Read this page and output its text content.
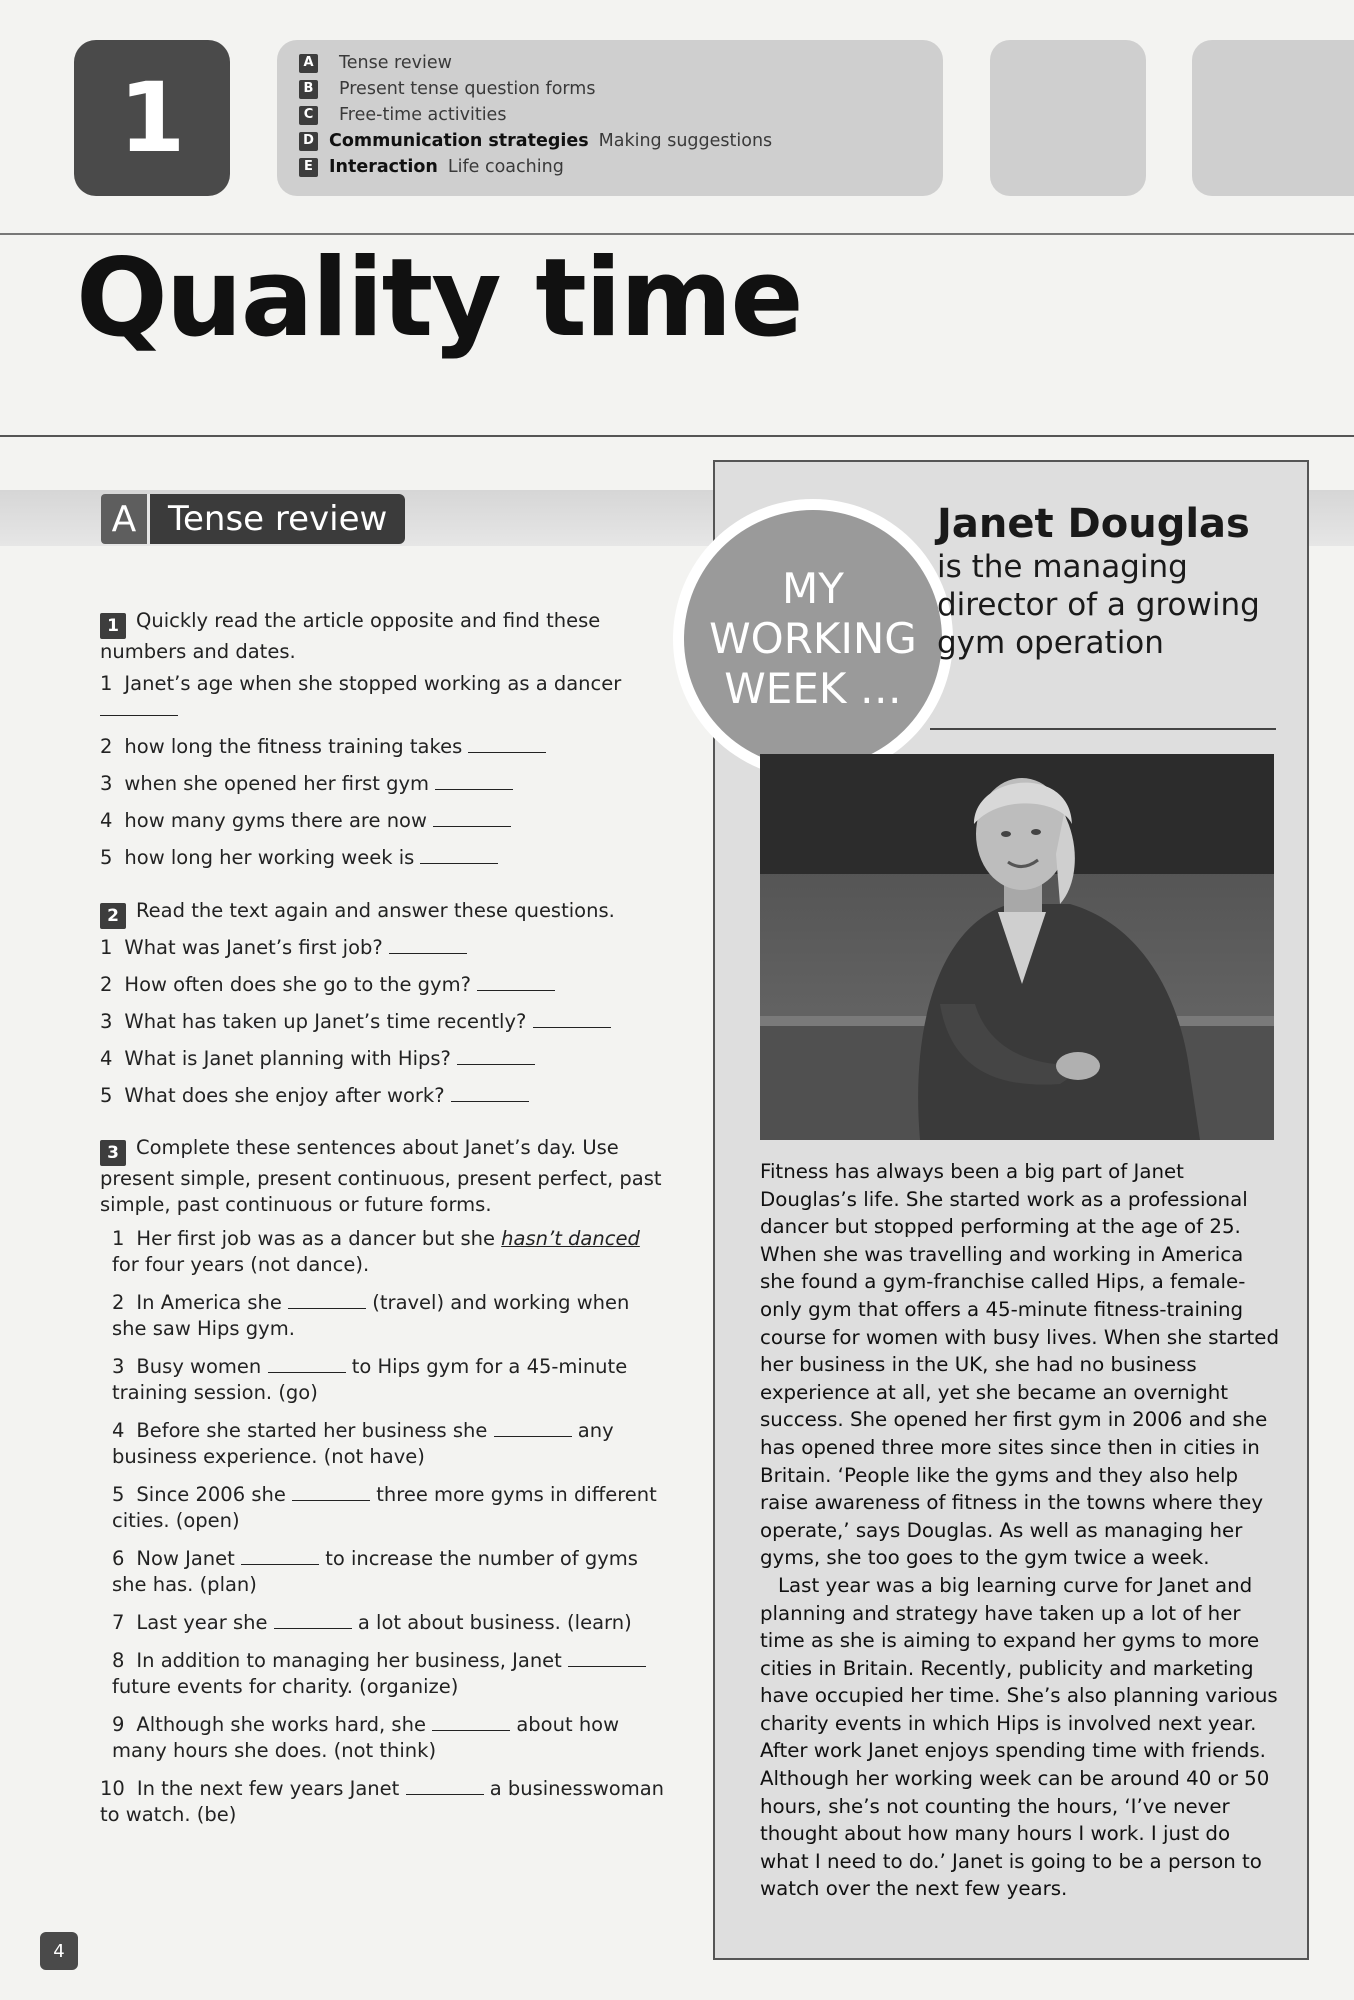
1	A Tense review
B Present tense question forms
C Free-time activities
D Communication strategies Making suggestions
E Interaction Life coaching
Quality time
A Tense review

1 Quickly read the article opposite and find these numbers and dates.

1 Janet’s age when she stopped working as a dancer

2 how long the fitness training takes

3 when she opened her first gym

4 how many gyms there are now

5 how long her working week is

2 Read the text again and answer these questions.

1 What was Janet’s first job?

2 How often does she go to the gym?

3 What has taken up Janet’s time recently?

4 What is Janet planning with Hips?

5 What does she enjoy after work?

3 Complete these sentences about Janet’s day. Use present simple, present continuous, present perfect, past simple, past continuous or future forms.

1 Her first job was as a dancer but she hasn’t danced for four years (not dance).

2 In America she	(travel) and working when she saw Hips gym.

3 Busy women	to Hips gym for a 45-minute training session. (go)

4 Before she started her business she	any business experience. (not have)

5 Since 2006 she	three more gyms in different cities. (open)

6 Now Janet	to increase the number of gyms she has. (plan)

7 Last year she	a lot about business. (learn)

8 In addition to managing her business, Janet  future events for charity. (organize)

9 Although she works hard, she	about how many hours she does. (not think)

10 In the next few years Janet	a businesswoman to watch. (be)

MY WORKING WEEK …
Janet Douglas
is the managing director of a growing gym operation

Fitness has always been a big part of Janet Douglas’s life. She started work as a professional dancer but stopped performing at the age of 25. When she was travelling and working in America she found a gym-franchise called Hips, a female-only gym that offers a 45-minute fitness-training course for women with busy lives. When she started her business in the UK, she had no business experience at all, yet she became an overnight success. She opened her first gym in 2006 and she has opened three more sites since then in cities in Britain. ‘People like the gyms and they also help raise awareness of fitness in the towns where they operate,’ says Douglas. As well as managing her gyms, she too goes to the gym twice a week.

Last year was a big learning curve for Janet and planning and strategy have taken up a lot of her time as she is aiming to expand her gyms to more cities in Britain. Recently, publicity and marketing have occupied her time. She’s also planning various charity events in which Hips is involved next year. After work Janet enjoys spending time with friends. Although her working week can be around 40 or 50 hours, she’s not counting the hours, ‘I’ve never thought about how many hours I work. I just do what I need to do.’ Janet is going to be a person to watch over the next few years.

4
